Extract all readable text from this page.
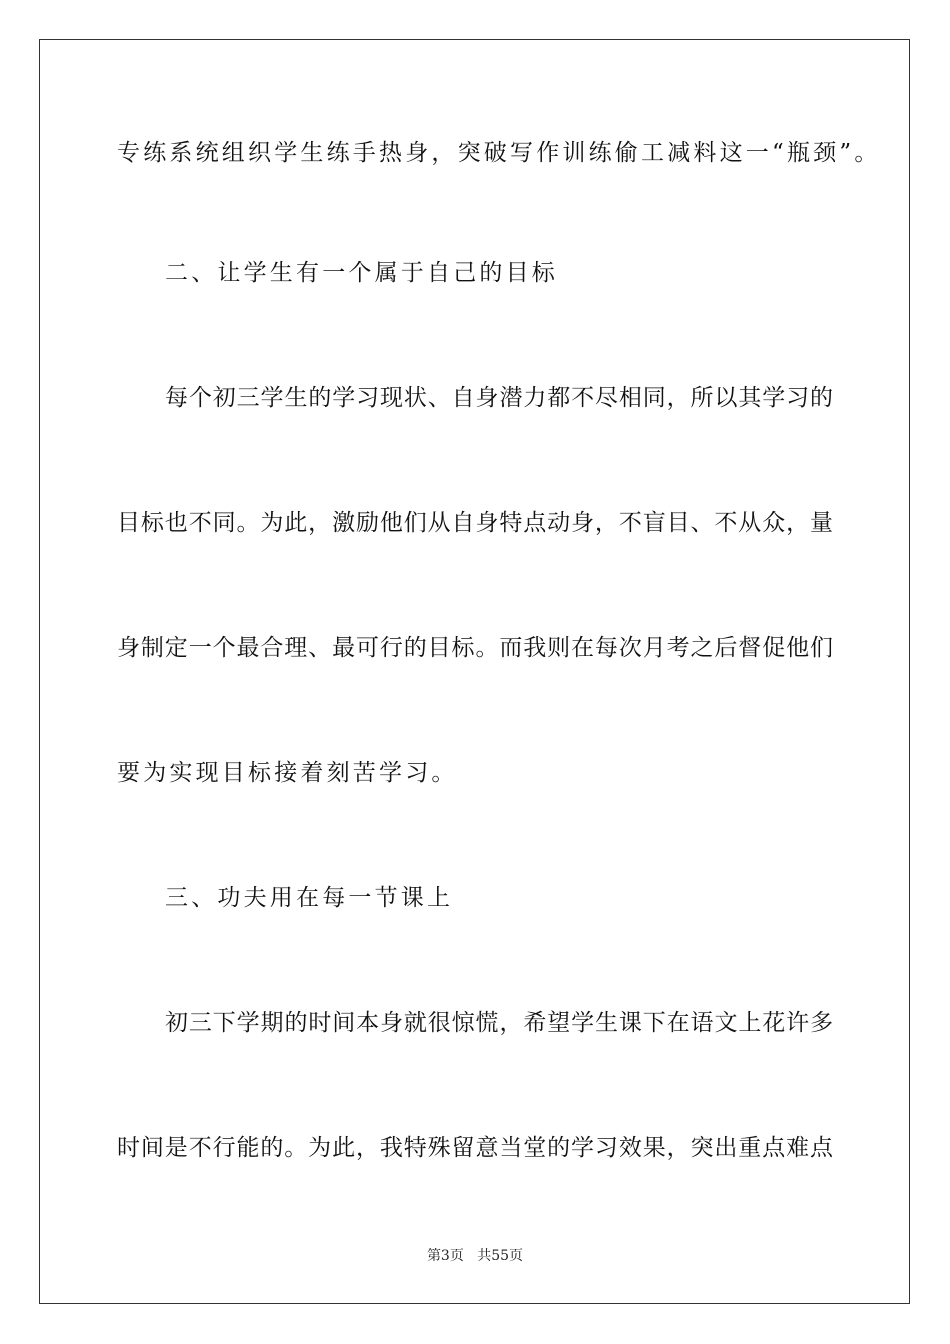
专练系统组织学生练手热身，突破写作训练偷工减料这一“瓶颈”。
二、让学生有一个属于自己的目标
每个初三学生的学习现状、自身潜力都不尽相同，所以其学习的
目标也不同。为此，激励他们从自身特点动身，不盲目、不从众，量
身制定一个最合理、最可行的目标。而我则在每次月考之后督促他们
要为实现目标接着刻苦学习。
三、功夫用在每一节课上
初三下学期的时间本身就很惊慌，希望学生课下在语文上花许多
时间是不行能的。为此，我特殊留意当堂的学习效果，突出重点难点
第3页 共55页
